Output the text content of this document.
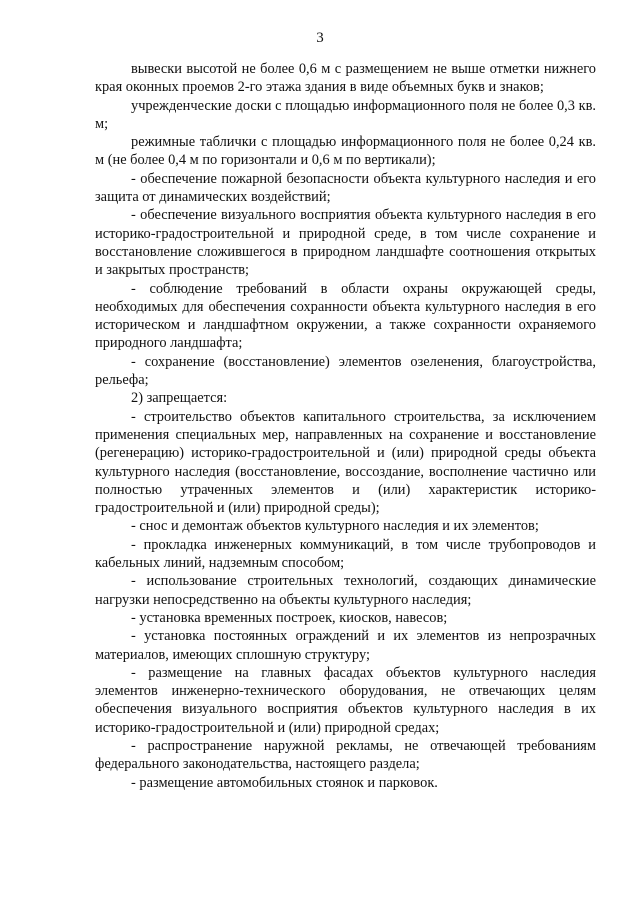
3

вывески высотой не более 0,6 м с размещением не выше отметки нижнего края оконных проемов 2-го этажа здания в виде объемных букв и знаков;

учрежденческие доски с площадью информационного поля не более 0,3 кв. м;

режимные таблички с площадью информационного поля не более 0,24 кв. м (не более 0,4 м по горизонтали и 0,6 м по вертикали);

- обеспечение пожарной безопасности объекта культурного наследия и его защита от динамических воздействий;

- обеспечение визуального восприятия объекта культурного наследия в его историко-градостроительной и природной среде, в том числе сохранение и восстановление сложившегося в природном ландшафте соотношения открытых и закрытых пространств;

- соблюдение требований в области охраны окружающей среды, необходимых для обеспечения сохранности объекта культурного наследия в его историческом и ландшафтном окружении, а также сохранности охраняемого природного ландшафта;

- сохранение (восстановление) элементов озеленения, благоустройства, рельефа;

2) запрещается:

- строительство объектов капитального строительства, за исключением применения специальных мер, направленных на сохранение и восстановление (регенерацию) историко-градостроительной и (или) природной среды объекта культурного наследия (восстановление, воссоздание, восполнение частично или полностью утраченных элементов и (или) характеристик историко-градостроительной и (или) природной среды);

- снос и демонтаж объектов культурного наследия и их элементов;

- прокладка инженерных коммуникаций, в том числе трубопроводов и кабельных линий, надземным способом;

- использование строительных технологий, создающих динамические нагрузки непосредственно на объекты культурного наследия;

- установка временных построек, киосков, навесов;

- установка постоянных ограждений и их элементов из непрозрачных материалов, имеющих сплошную структуру;

- размещение на главных фасадах объектов культурного наследия элементов инженерно-технического оборудования, не отвечающих целям обеспечения визуального восприятия объектов культурного наследия в их историко-градостроительной и (или) природной средах;

- распространение наружной рекламы, не отвечающей требованиям федерального законодательства, настоящего раздела;

- размещение автомобильных стоянок и парковок.
